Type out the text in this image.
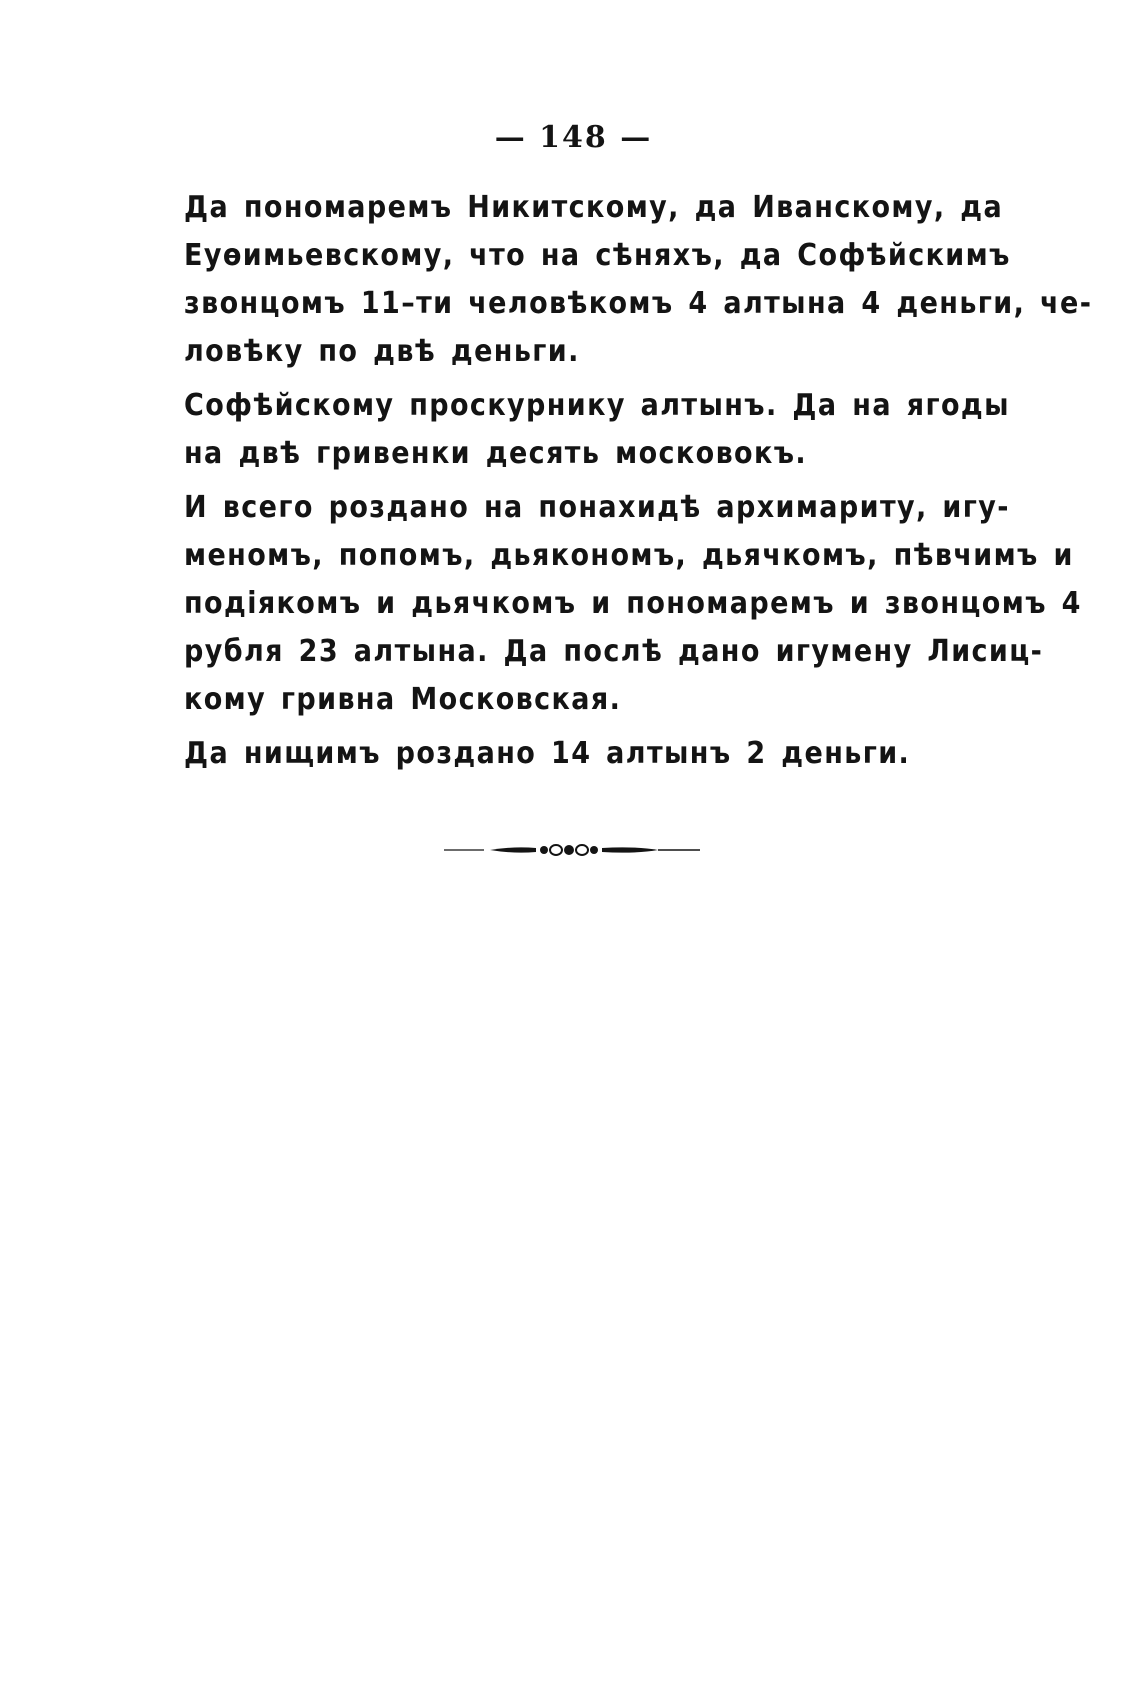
— 148 —

Да пономаремъ Никитскому, да Иванскому, да
Еуѳимьевскому, что на сѣняхъ, да Софѣйскимъ
звонцомъ 11–ти человѣкомъ 4 алтына 4 деньги, че-
ловѣку по двѣ деньги.

Софѣйскому проскурнику алтынъ. Да на ягоды
на двѣ гривенки десять московокъ.

И всего роздано на понахидѣ архимариту, игу-
меномъ, попомъ, дьякономъ, дьячкомъ, пѣвчимъ и
подіякомъ и дьячкомъ и пономаремъ и звонцомъ 4
рубля 23 алтына. Да послѣ дано игумену Лисиц-
кому гривна Московская.

Да нищимъ роздано 14 алтынъ 2 деньги.
